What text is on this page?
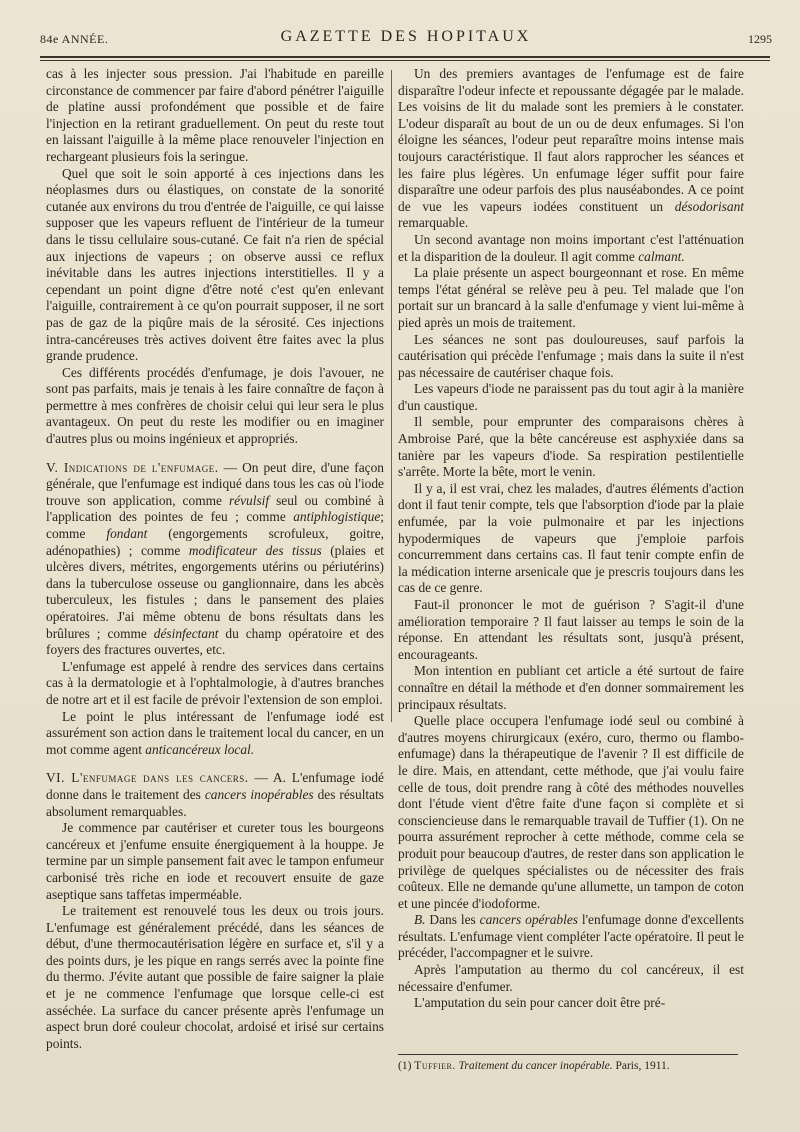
84e ANNÉE.	GAZETTE DES HOPITAUX	1295

cas à les injecter sous pression. J'ai l'habitude en pareille circonstance de commencer par faire d'abord pénétrer l'aiguille de platine aussi profondément que possible et de faire l'injection en la retirant graduellement. On peut du reste tout en laissant l'aiguille à la même place renouveler l'injection en rechargeant plusieurs fois la seringue.

Quel que soit le soin apporté à ces injections dans les néoplasmes durs ou élastiques, on constate de la sonorité cutanée aux environs du trou d'entrée de l'aiguille, ce qui laisse supposer que les vapeurs refluent de l'intérieur de la tumeur dans le tissu cellulaire sous-cutané. Ce fait n'a rien de spécial aux injections de vapeurs ; on observe aussi ce reflux inévitable dans les autres injections interstitielles. Il y a cependant un point digne d'être noté c'est qu'en enlevant l'aiguille, contrairement à ce qu'on pourrait supposer, il ne sort pas de gaz de la piqûre mais de la sérosité. Ces injections intra-cancéreuses très actives doivent être faites avec la plus grande prudence.

Ces différents procédés d'enfumage, je dois l'avouer, ne sont pas parfaits, mais je tenais à les faire connaître de façon à permettre à mes confrères de choisir celui qui leur sera le plus avantageux. On peut du reste les modifier ou en imaginer d'autres plus ou moins ingénieux et appropriés.

V. Indications de l'enfumage. — On peut dire, d'une façon générale, que l'enfumage est indiqué dans tous les cas où l'iode trouve son application, comme révulsif seul ou combiné à l'application des pointes de feu ; comme antiphlogistique; comme fondant (engorgements scrofuleux, goitre, adénopathies) ; comme modificateur des tissus (plaies et ulcères divers, métrites, engorgements utérins ou périutérins) dans la tuberculose osseuse ou ganglionnaire, dans les abcès tuberculeux, les fistules ; dans le pansement des plaies opératoires. J'ai même obtenu de bons résultats dans les brûlures ; comme désinfectant du champ opératoire et des foyers des fractures ouvertes, etc.

L'enfumage est appelé à rendre des services dans certains cas à la dermatologie et à l'ophtalmologie, à d'autres branches de notre art et il est facile de prévoir l'extension de son emploi.

Le point le plus intéressant de l'enfumage iodé est assurément son action dans le traitement local du cancer, en un mot comme agent anticancéreux local.

VI. L'enfumage dans les cancers. — A. L'enfumage iodé donne dans le traitement des cancers inopérables des résultats absolument remarquables.

Je commence par cautériser et cureter tous les bourgeons cancéreux et j'enfume ensuite énergiquement à la houppe. Je termine par un simple pansement fait avec le tampon enfumeur carbonisé très riche en iode et recouvert ensuite de gaze aseptique sans taffetas imperméable.

Le traitement est renouvelé tous les deux ou trois jours. L'enfumage est généralement précédé, dans les séances de début, d'une thermocautérisation légère en surface et, s'il y a des points durs, je les pique en rangs serrés avec la pointe fine du thermo. J'évite autant que possible de faire saigner la plaie et je ne commence l'enfumage que lorsque celle-ci est asséchée. La surface du cancer présente après l'enfumage un aspect brun doré couleur chocolat, ardoisé et irisé sur certains points.

Un des premiers avantages de l'enfumage est de faire disparaître l'odeur infecte et repoussante dégagée par le malade. Les voisins de lit du malade sont les premiers à le constater. L'odeur disparaît au bout de un ou de deux enfumages. Si l'on éloigne les séances, l'odeur peut reparaître moins intense mais toujours caractéristique. Il faut alors rapprocher les séances et les faire plus légères. Un enfumage léger suffit pour faire disparaître une odeur parfois des plus nauséabondes. A ce point de vue les vapeurs iodées constituent un désodorisant remarquable.

Un second avantage non moins important c'est l'atténuation et la disparition de la douleur. Il agit comme calmant.

La plaie présente un aspect bourgeonnant et rose. En même temps l'état général se relève peu à peu. Tel malade que l'on portait sur un brancard à la salle d'enfumage y vient lui-même à pied après un mois de traitement.

Les séances ne sont pas douloureuses, sauf parfois la cautérisation qui précède l'enfumage ; mais dans la suite il n'est pas nécessaire de cautériser chaque fois.

Les vapeurs d'iode ne paraissent pas du tout agir à la manière d'un caustique.

Il semble, pour emprunter des comparaisons chères à Ambroise Paré, que la bête cancéreuse est asphyxiée dans sa tanière par les vapeurs d'iode. Sa respiration pestilentielle s'arrête. Morte la bête, mort le venin.

Il y a, il est vrai, chez les malades, d'autres éléments d'action dont il faut tenir compte, tels que l'absorption d'iode par la plaie enfumée, par la voie pulmonaire et par les injections hypodermiques de vapeurs que j'emploie parfois concurremment dans certains cas. Il faut tenir compte enfin de la médication interne arsenicale que je prescris toujours dans les cas de ce genre.

Faut-il prononcer le mot de guérison ? S'agit-il d'une amélioration temporaire ? Il faut laisser au temps le soin de la réponse. En attendant les résultats sont, jusqu'à présent, encourageants.

Mon intention en publiant cet article a été surtout de faire connaître en détail la méthode et d'en donner sommairement les principaux résultats.

Quelle place occupera l'enfumage iodé seul ou combiné à d'autres moyens chirurgicaux (exéro, curo, thermo ou flambo-enfumage) dans la thérapeutique de l'avenir ? Il est difficile de le dire. Mais, en attendant, cette méthode, que j'ai voulu faire celle de tous, doit prendre rang à côté des méthodes nouvelles dont l'étude vient d'être faite d'une façon si complète et si consciencieuse dans le remarquable travail de Tuffier (1). On ne pourra assurément reprocher à cette méthode, comme cela se produit pour beaucoup d'autres, de rester dans son application le privilège de quelques spécialistes ou de nécessiter des frais coûteux. Elle ne demande qu'une allumette, un tampon de coton et une pincée d'iodoforme.

B. Dans les cancers opérables l'enfumage donne d'excellents résultats. L'enfumage vient compléter l'acte opératoire. Il peut le précéder, l'accompagner et le suivre.

Après l'amputation au thermo du col cancéreux, il est nécessaire d'enfumer.

L'amputation du sein pour cancer doit être pré-

(1) Tuffier. Traitement du cancer inopérable. Paris, 1911.
